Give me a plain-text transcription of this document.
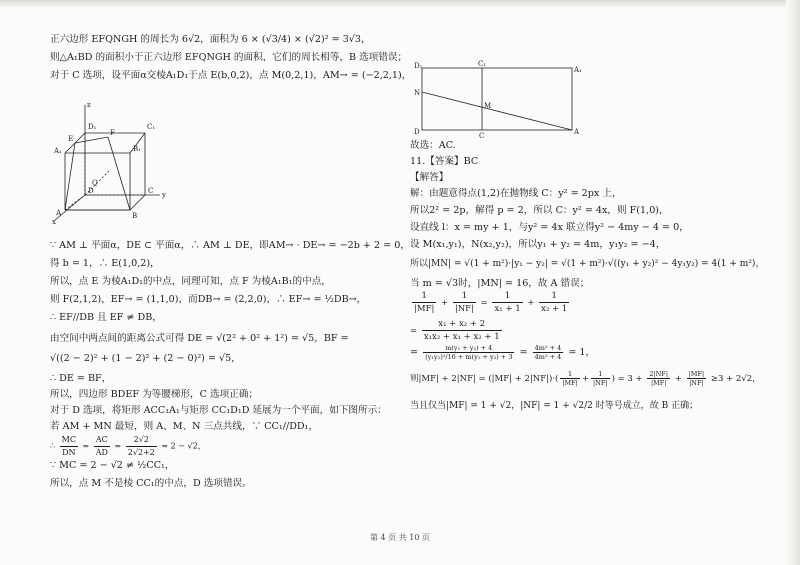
正六边形 EFQNGH 的周长为 6√2，面积为 6 × (√3/4) × (√2)² = 3√3，
则△A₁BD 的面积小于正六边形 EFQNGH 的面积，它们的周长相等，B 选项错误；
对于 C 选项，设平面α交棱A₁D₁于点 E(b,0,2)，点 M(0,2,1)，AM→ = (−2,2,1)，
D₁	C₁
A₁	B₁
F
E
D	C
Q
A	B
x
y
z
∵ AM ⊥ 平面α，DE ⊂ 平面α，∴ AM ⊥ DE，即AM→ · DE→ = −2b + 2 = 0，
得 b = 1，∴ E(1,0,2)，
所以，点 E 为棱A₁D₁的中点，同理可知，点 F 为棱A₁B₁的中点，
则 F(2,1,2)，EF→ = (1,1,0)，而DB→ = (2,2,0)，∴ EF→ = ½DB→，
∴ EF//DB 且 EF ≠ DB，
由空间中两点间的距离公式可得 DE = √(2² + 0² + 1²) = √5，BF =
√((2 − 2)² + (1 − 2)² + (2 − 0)²) = √5，
∴ DE = BF，
所以，四边形 BDEF 为等腰梯形，C 选项正确；
对于 D 选项，将矩形 ACC₁A₁与矩形 CC₁D₁D 延展为一个平面，如下图所示：
若 AM + MN 最短，则 A、M、N 三点共线，∵ CC₁//DD₁，
∴ $\frac{MC}{DN} = \frac{AC}{AD} = \frac{2√2}{2√2+2} = 2 - √2$，
∵ MC = 2 − √2 ≠ ½CC₁，
所以，点 M 不是棱 CC₁的中点，D 选项错误。
D₁	C₁
A₁
N
M
D	C	A
故选：AC.
11.【答案】BC
【解答】
解：由题意得点(1,2)在抛物线 C：y² = 2px 上，
所以2² = 2p，解得 p = 2，所以 C：y² = 4x，则 F(1,0)，
设直线 l：x = my + 1，与y² = 4x 联立得y² − 4my − 4 = 0，
设 M(x₁,y₁)，N(x₂,y₂)，所以y₁ + y₂ = 4m，y₁y₂ = −4，
所以|MN| = √(1 + m²)·|y₁ − y₂| = √(1 + m²)·√((y₁ + y₂)² − 4y₁y₂) = 4(1 + m²)，
当 m = √3时，|MN| = 16，故 A 错误；
$\frac{1}{|MF|} + \frac{1}{|NF|} = \frac{1}{\text{x₁ + 1}} + \frac{1}{\text{x₂ + 1}}$
= $\frac{\text{x₁ + x₂ + 2}}{\text{x₁x₂ + x₁ + x₂ + 1}}$
= $\frac{\text{m(y₁ + y₂) + 4}}{\text{(y₁y₂)²/16 + m(y₁ + y₂) + 3}} = \frac{\text{4m² + 4}}{\text{4m² + 4}} = 1$，
则$|MF| + 2|NF| = (|MF| + 2|NF|)\cdot( \frac{1}{|MF|} + \frac{1}{|NF|}$ ) = $3 + \frac{2|NF|}{|MF|} + \frac{|MF|}{|NF|} \ge 3 + 2√2$，
当且仅当|MF| = 1 + √2，|NF| = 1 + √2/2 时等号成立，故 B 正确；
第 4 页 共 10 页
